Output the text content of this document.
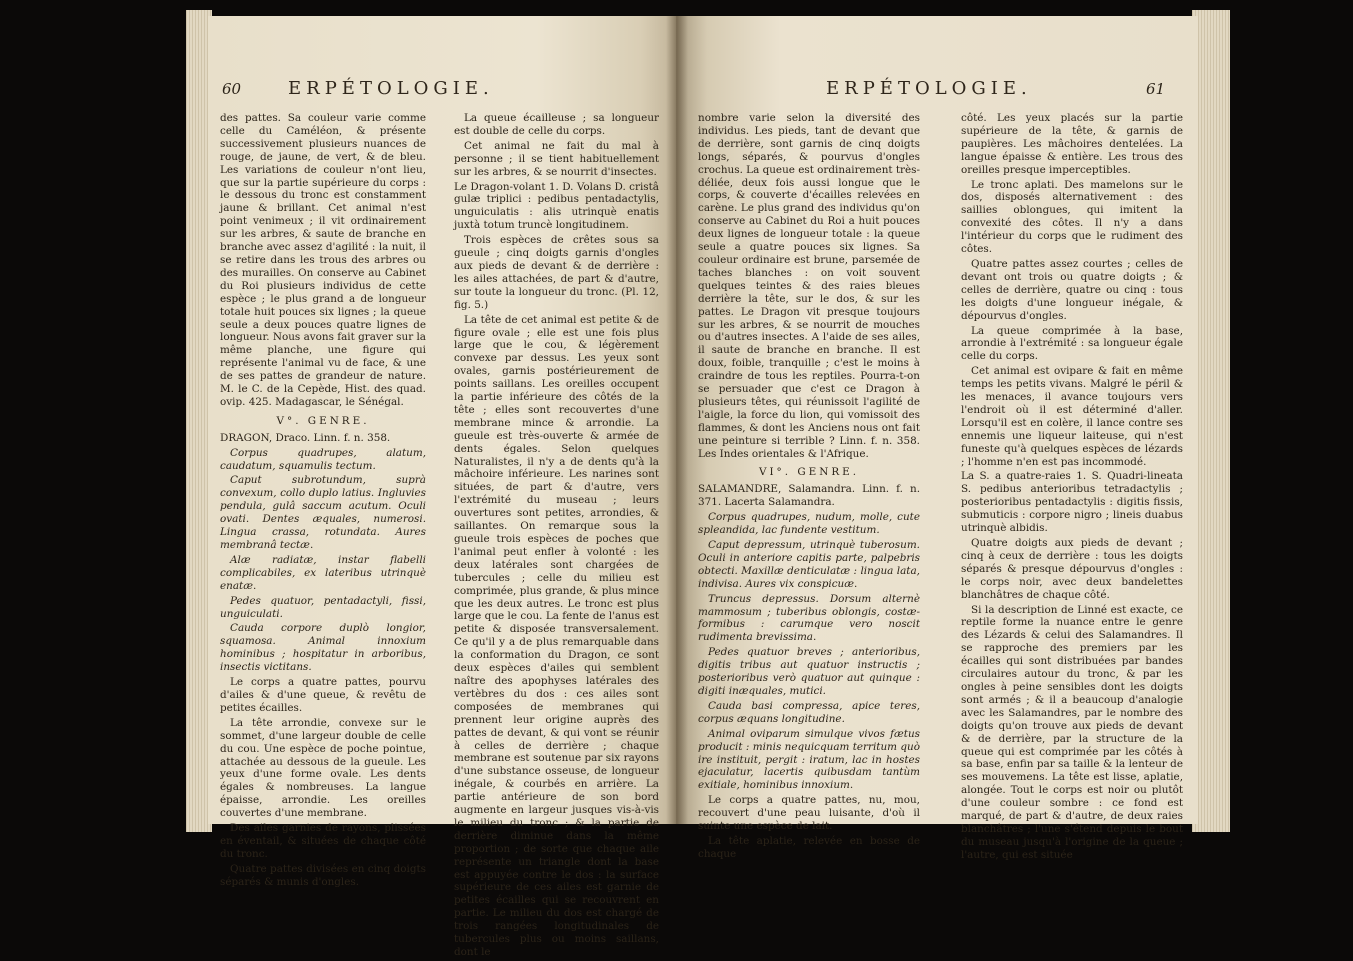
60	ERPÉTOLOGIE.

des pattes. Sa couleur varie comme celle du Caméléon, & présente successivement plusieurs nuances de rouge, de jaune, de vert, & de bleu. Les variations de couleur n'ont lieu, que sur la partie supérieure du corps : le dessous du tronc est constamment jaune & brillant. Cet animal n'est point venimeux ; il vit ordinairement sur les arbres, & saute de branche en branche avec assez d'agilité : la nuit, il se retire dans les trous des arbres ou des murailles. On conserve au Cabinet du Roi plusieurs individus de cette espèce ; le plus grand a de longueur totale huit pouces six lignes ; la queue seule a deux pouces quatre lignes de longueur. Nous avons fait graver sur la même planche, une figure qui représente l'animal vu de face, & une de ses pattes de grandeur de nature. M. le C. de la Cepède, Hist. des quad. ovip. 425. Madagascar, le Sénégal.

V°. GENRE.

DRAGON, Draco. Linn. f. n. 358.

Corpus quadrupes, alatum, caudatum, squamulis tectum.

Caput subrotundum, suprà convexum, collo duplo latius. Ingluvies pendula, gulâ saccum acutum. Oculi ovati. Dentes æquales, numerosi. Lingua crassa, rotundata. Aures membranâ tectæ.

Alæ radiatæ, instar flabelli complicabiles, ex lateribus utrinquè enatæ.

Pedes quatuor, pentadactyli, fissi, unguiculati.

Cauda corpore duplò longior, squamosa. Animal innoxium hominibus ; hospitatur in arboribus, insectis victitans.

Le corps a quatre pattes, pourvu d'ailes & d'une queue, & revêtu de petites écailles.

La tête arrondie, convexe sur le sommet, d'une largeur double de celle du cou. Une espèce de poche pointue, attachée au dessous de la gueule. Les yeux d'une forme ovale. Les dents égales & nombreuses. La langue épaisse, arrondie. Les oreilles couvertes d'une membrane.

Des ailes garnies de rayons, plissées en éventail, & situées de chaque côté du tronc.

Quatre pattes divisées en cinq doigts séparés & munis d'ongles.

La queue écailleuse ; sa longueur est double de celle du corps.

Cet animal ne fait du mal à personne ; il se tient habituellement sur les arbres, & se nourrit d'insectes.

Le Dragon-volant 1. D. Volans D. cristâ gulæ triplici : pedibus pentadactylis, unguiculatis : alis utrinquè enatis juxtà totum truncè longitudinem.

Trois espèces de crêtes sous sa gueule ; cinq doigts garnis d'ongles aux pieds de devant & de derrière : les ailes attachées, de part & d'autre, sur toute la longueur du tronc. (Pl. 12, fig. 5.)

La tête de cet animal est petite & de figure ovale ; elle est une fois plus large que le cou, & légèrement convexe par dessus. Les yeux sont ovales, garnis postérieurement de points saillans. Les oreilles occupent la partie inférieure des côtés de la tête ; elles sont recouvertes d'une membrane mince & arrondie. La gueule est très-ouverte & armée de dents égales. Selon quelques Naturalistes, il n'y a de dents qu'à la mâchoire inférieure. Les narines sont situées, de part & d'autre, vers l'extrémité du museau ; leurs ouvertures sont petites, arrondies, & saillantes. On remarque sous la gueule trois espèces de poches que l'animal peut enfler à volonté : les deux latérales sont chargées de tubercules ; celle du milieu est comprimée, plus grande, & plus mince que les deux autres. Le tronc est plus large que le cou. La fente de l'anus est petite & disposée transversalement. Ce qu'il y a de plus remarquable dans la conformation du Dragon, ce sont deux espèces d'ailes qui semblent naître des apophyses latérales des vertèbres du dos : ces ailes sont composées de membranes qui prennent leur origine auprès des pattes de devant, & qui vont se réunir à celles de derrière ; chaque membrane est soutenue par six rayons d'une substance osseuse, de longueur inégale, & courbés en arrière. La partie antérieure de son bord augmente en largeur jusques vis-à-vis le milieu du tronc ; & la partie de derrière diminue dans la même proportion ; de sorte que chaque aile représente un triangle dont la base est appuyée contre le dos : la surface supérieure de ces ailes est garnie de petites écailles qui se recouvrent en partie. Le milieu du dos est chargé de trois rangées longitudinales de tubercules plus ou moins saillans, dont le

ERPÉTOLOGIE.	61

nombre varie selon la diversité des individus. Les pieds, tant de devant que de derrière, sont garnis de cinq doigts longs, séparés, & pourvus d'ongles crochus. La queue est ordinairement très-déliée, deux fois aussi longue que le corps, & couverte d'écailles relevées en carène. Le plus grand des individus qu'on conserve au Cabinet du Roi a huit pouces deux lignes de longueur totale : la queue seule a quatre pouces six lignes. Sa couleur ordinaire est brune, parsemée de taches blanches : on voit souvent quelques teintes & des raies bleues derrière la tête, sur le dos, & sur les pattes. Le Dragon vit presque toujours sur les arbres, & se nourrit de mouches ou d'autres insectes. A l'aide de ses ailes, il saute de branche en branche. Il est doux, foible, tranquille ; c'est le moins à craindre de tous les reptiles. Pourra-t-on se persuader que c'est ce Dragon à plusieurs têtes, qui réunissoit l'agilité de l'aigle, la force du lion, qui vomissoit des flammes, & dont les Anciens nous ont fait une peinture si terrible ? Linn. f. n. 358. Les Indes orientales & l'Afrique.

VI°. GENRE.

SALAMANDRE, Salamandra. Linn. f. n. 371. Lacerta Salamandra.

Corpus quadrupes, nudum, molle, cute spleandida, lac fundente vestitum.

Caput depressum, utrinquè tuberosum. Oculi in anteriore capitis parte, palpebris obtecti. Maxillæ denticulatæ : lingua lata, indivisa. Aures vix conspicuæ.

Truncus depressus. Dorsum alternè mammosum ; tuberibus oblongis, costæ-formibus : carumque vero noscit rudimenta brevissima.

Pedes quatuor breves ; anterioribus, digitis tribus aut quatuor instructis ; posterioribus verò quatuor aut quinque : digiti inæquales, mutici.

Cauda basi compressa, apice teres, corpus æquans longitudine.

Animal oviparum simulque vivos fætus producit : minis nequicquam territum quò ire instituit, pergit : iratum, lac in hostes ejaculatur, lacertis quibusdam tantùm exitiale, hominibus innoxium.

Le corps a quatre pattes, nu, mou, recouvert d'une peau luisante, d'où il suinte une espèce de lait.

La tête aplatie, relevée en bosse de chaque

côté. Les yeux placés sur la partie supérieure de la tête, & garnis de paupières. Les mâchoires dentelées. La langue épaisse & entière. Les trous des oreilles presque imperceptibles.

Le tronc aplati. Des mamelons sur le dos, disposés alternativement : des saillies oblongues, qui imitent la convexité des côtes. Il n'y a dans l'intérieur du corps que le rudiment des côtes.

Quatre pattes assez courtes ; celles de devant ont trois ou quatre doigts ; & celles de derrière, quatre ou cinq : tous les doigts d'une longueur inégale, & dépourvus d'ongles.

La queue comprimée à la base, arrondie à l'extrémité : sa longueur égale celle du corps.

Cet animal est ovipare & fait en même temps les petits vivans. Malgré le péril & les menaces, il avance toujours vers l'endroit où il est déterminé d'aller. Lorsqu'il est en colère, il lance contre ses ennemis une liqueur laiteuse, qui n'est funeste qu'à quelques espèces de lézards ; l'homme n'en est pas incommodé.

La S. a quatre-raies 1. S. Quadri-lineata S. pedibus anterioribus tetradactylis ; posterioribus pentadactylis : digitis fissis, submuticis : corpore nigro ; lineis duabus utrinquè albidis.

Quatre doigts aux pieds de devant ; cinq à ceux de derrière : tous les doigts séparés & presque dépourvus d'ongles : le corps noir, avec deux bandelettes blanchâtres de chaque côté.

Si la description de Linné est exacte, ce reptile forme la nuance entre le genre des Lézards & celui des Salamandres. Il se rapproche des premiers par les écailles qui sont distribuées par bandes circulaires autour du tronc, & par les ongles à peine sensibles dont les doigts sont armés ; & il a beaucoup d'analogie avec les Salamandres, par le nombre des doigts qu'on trouve aux pieds de devant & de derrière, par la structure de la queue qui est comprimée par les côtés à sa base, enfin par sa taille & la lenteur de ses mouvemens. La tête est lisse, aplatie, alongée. Tout le corps est noir ou plutôt d'une couleur sombre : ce fond est marqué, de part & d'autre, de deux raies blanchâtres ; l'une s'étend depuis le bout du museau jusqu'à l'origine de la queue ; l'autre, qui est située
